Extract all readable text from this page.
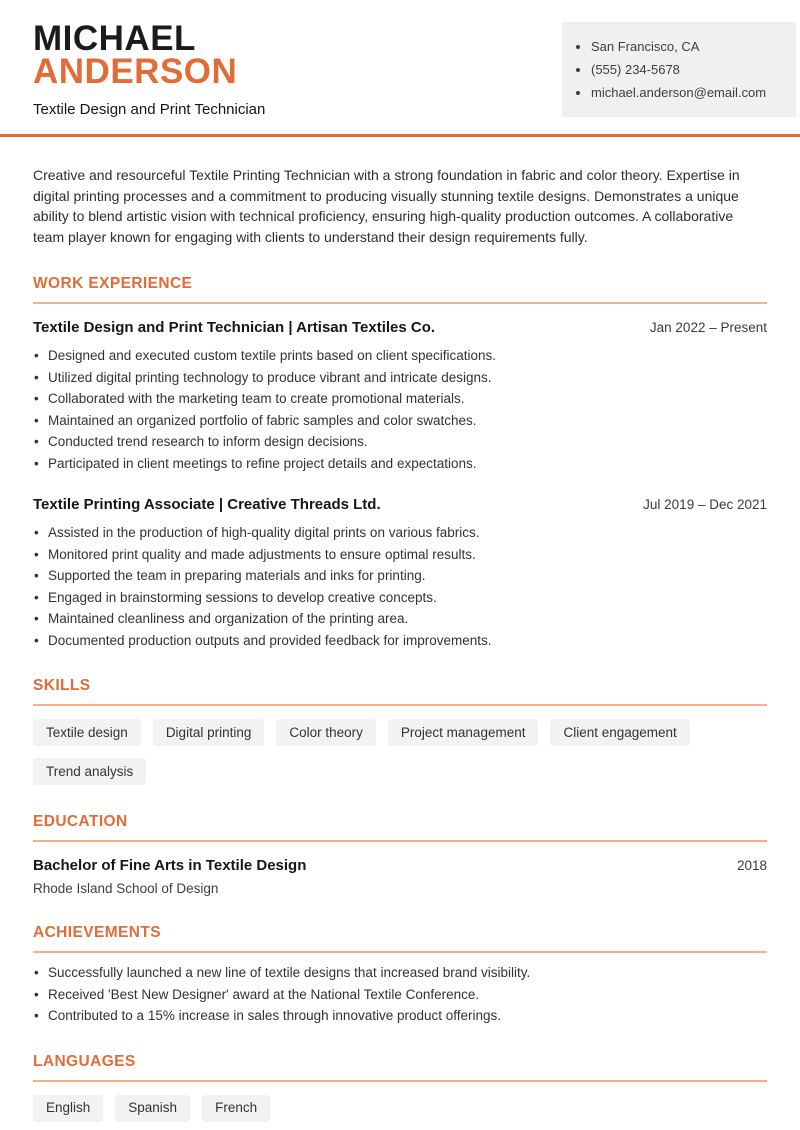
MICHAEL
ANDERSON
Textile Design and Print Technician
• San Francisco, CA
• (555) 234-5678
• michael.anderson@email.com

Creative and resourceful Textile Printing Technician with a strong foundation in fabric and color theory. Expertise in digital printing processes and a commitment to producing visually stunning textile designs. Demonstrates a unique ability to blend artistic vision with technical proficiency, ensuring high-quality production outcomes. A collaborative team player known for engaging with clients to understand their design requirements fully.

WORK EXPERIENCE
Textile Design and Print Technician | Artisan Textiles Co.	Jan 2022 – Present
• Designed and executed custom textile prints based on client specifications.
• Utilized digital printing technology to produce vibrant and intricate designs.
• Collaborated with the marketing team to create promotional materials.
• Maintained an organized portfolio of fabric samples and color swatches.
• Conducted trend research to inform design decisions.
• Participated in client meetings to refine project details and expectations.
Textile Printing Associate | Creative Threads Ltd.	Jul 2019 – Dec 2021
• Assisted in the production of high-quality digital prints on various fabrics.
• Monitored print quality and made adjustments to ensure optimal results.
• Supported the team in preparing materials and inks for printing.
• Engaged in brainstorming sessions to develop creative concepts.
• Maintained cleanliness and organization of the printing area.
• Documented production outputs and provided feedback for improvements.
SKILLS
Textile design	Digital printing	Color theory	Project management	Client engagement
Trend analysis
EDUCATION
Bachelor of Fine Arts in Textile Design	2018
Rhode Island School of Design
ACHIEVEMENTS
• Successfully launched a new line of textile designs that increased brand visibility.
• Received 'Best New Designer' award at the National Textile Conference.
• Contributed to a 15% increase in sales through innovative product offerings.
LANGUAGES
English	Spanish	French
